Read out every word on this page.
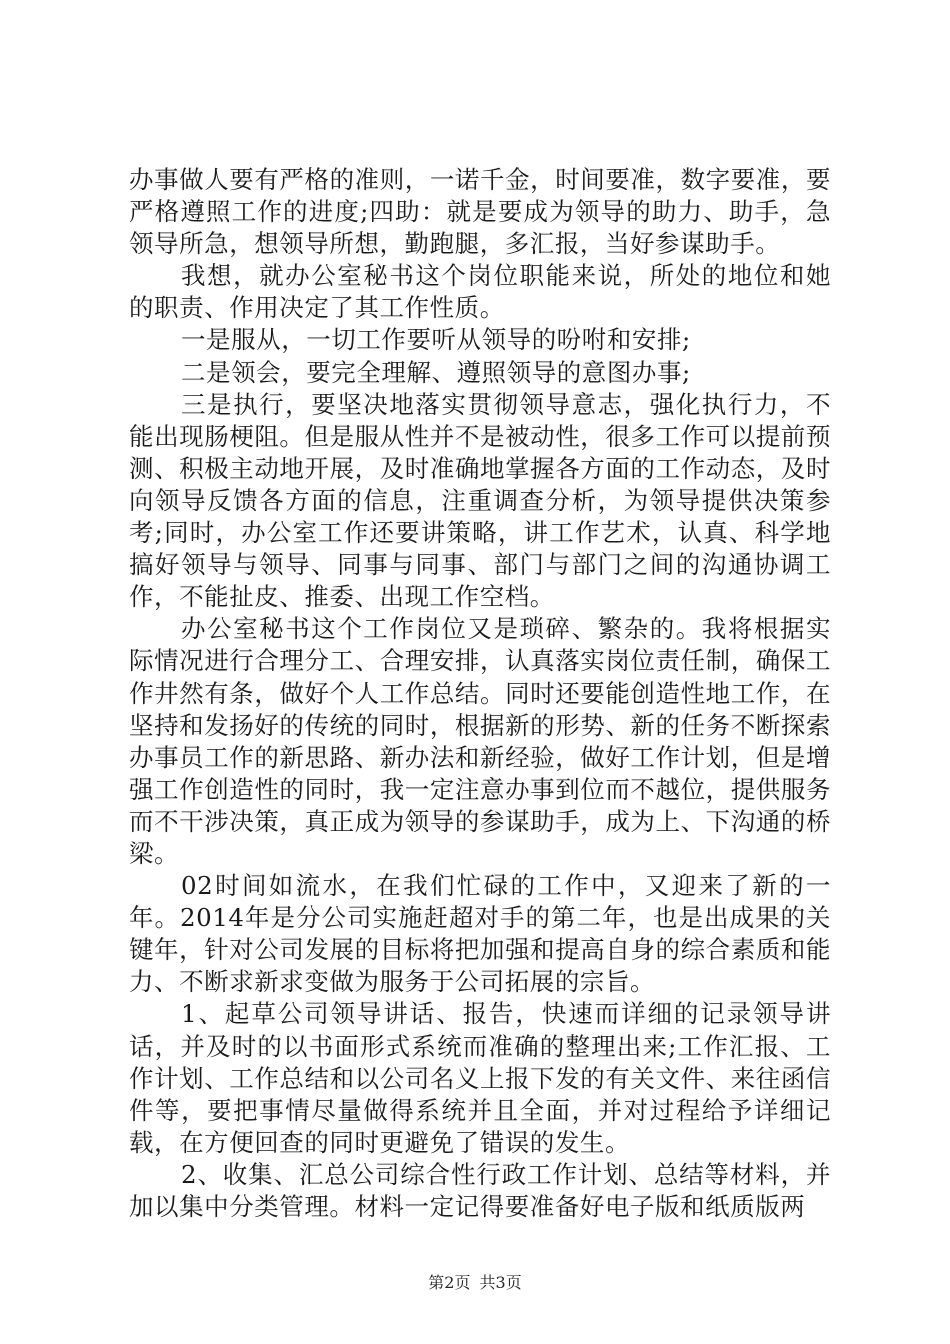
办事做人要有严格的准则，一诺千金，时间要准，数字要准，要严格遵照工作的进度;四助：就是要成为领导的助力、助手，急领导所急，想领导所想，勤跑腿，多汇报，当好参谋助手。

我想，就办公室秘书这个岗位职能来说，所处的地位和她的职责、作用决定了其工作性质。

一是服从，一切工作要听从领导的吩咐和安排;

二是领会，要完全理解、遵照领导的意图办事;

三是执行，要坚决地落实贯彻领导意志，强化执行力，不能出现肠梗阻。但是服从性并不是被动性，很多工作可以提前预测、积极主动地开展，及时准确地掌握各方面的工作动态，及时向领导反馈各方面的信息，注重调查分析，为领导提供决策参考;同时，办公室工作还要讲策略，讲工作艺术，认真、科学地搞好领导与领导、同事与同事、部门与部门之间的沟通协调工作，不能扯皮、推委、出现工作空档。

办公室秘书这个工作岗位又是琐碎、繁杂的。我将根据实际情况进行合理分工、合理安排，认真落实岗位责任制，确保工作井然有条，做好个人工作总结。同时还要能创造性地工作，在坚持和发扬好的传统的同时，根据新的形势、新的任务不断探索办事员工作的新思路、新办法和新经验，做好工作计划，但是增强工作创造性的同时，我一定注意办事到位而不越位，提供服务而不干涉决策，真正成为领导的参谋助手，成为上、下沟通的桥梁。

02时间如流水，在我们忙碌的工作中，又迎来了新的一年。2014年是分公司实施赶超对手的第二年，也是出成果的关键年，针对公司发展的目标将把加强和提高自身的综合素质和能力、不断求新求变做为服务于公司拓展的宗旨。

1、起草公司领导讲话、报告，快速而详细的记录领导讲话，并及时的以书面形式系统而准确的整理出来;工作汇报、工作计划、工作总结和以公司名义上报下发的有关文件、来往函信件等，要把事情尽量做得系统并且全面，并对过程给予详细记载，在方便回查的同时更避免了错误的发生。

2、收集、汇总公司综合性行政工作计划、总结等材料，并加以集中分类管理。材料一定记得要准备好电子版和纸质版两

第2页 共3页
